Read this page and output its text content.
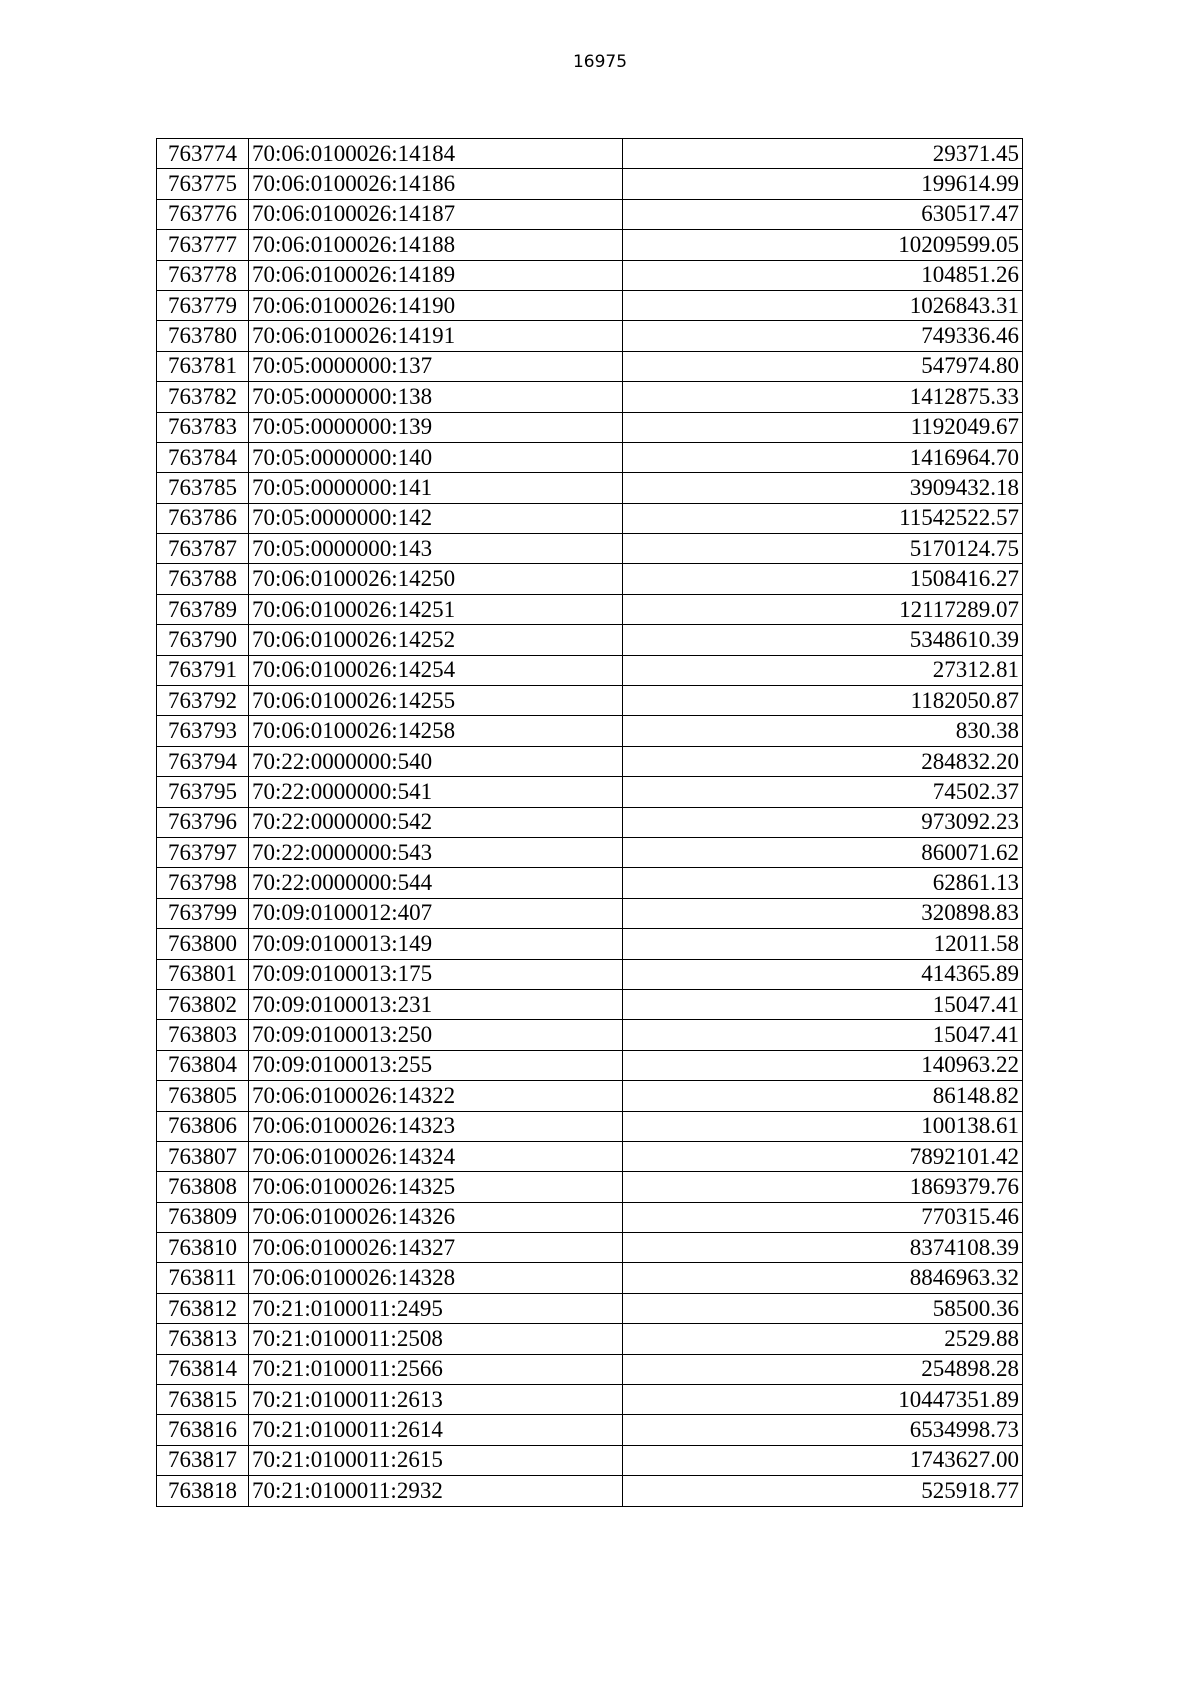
16975
763774	70:06:0100026:14184	29371.45
763775	70:06:0100026:14186	199614.99
763776	70:06:0100026:14187	630517.47
763777	70:06:0100026:14188	10209599.05
763778	70:06:0100026:14189	104851.26
763779	70:06:0100026:14190	1026843.31
763780	70:06:0100026:14191	749336.46
763781	70:05:0000000:137	547974.80
763782	70:05:0000000:138	1412875.33
763783	70:05:0000000:139	1192049.67
763784	70:05:0000000:140	1416964.70
763785	70:05:0000000:141	3909432.18
763786	70:05:0000000:142	11542522.57
763787	70:05:0000000:143	5170124.75
763788	70:06:0100026:14250	1508416.27
763789	70:06:0100026:14251	12117289.07
763790	70:06:0100026:14252	5348610.39
763791	70:06:0100026:14254	27312.81
763792	70:06:0100026:14255	1182050.87
763793	70:06:0100026:14258	830.38
763794	70:22:0000000:540	284832.20
763795	70:22:0000000:541	74502.37
763796	70:22:0000000:542	973092.23
763797	70:22:0000000:543	860071.62
763798	70:22:0000000:544	62861.13
763799	70:09:0100012:407	320898.83
763800	70:09:0100013:149	12011.58
763801	70:09:0100013:175	414365.89
763802	70:09:0100013:231	15047.41
763803	70:09:0100013:250	15047.41
763804	70:09:0100013:255	140963.22
763805	70:06:0100026:14322	86148.82
763806	70:06:0100026:14323	100138.61
763807	70:06:0100026:14324	7892101.42
763808	70:06:0100026:14325	1869379.76
763809	70:06:0100026:14326	770315.46
763810	70:06:0100026:14327	8374108.39
763811	70:06:0100026:14328	8846963.32
763812	70:21:0100011:2495	58500.36
763813	70:21:0100011:2508	2529.88
763814	70:21:0100011:2566	254898.28
763815	70:21:0100011:2613	10447351.89
763816	70:21:0100011:2614	6534998.73
763817	70:21:0100011:2615	1743627.00
763818	70:21:0100011:2932	525918.77
